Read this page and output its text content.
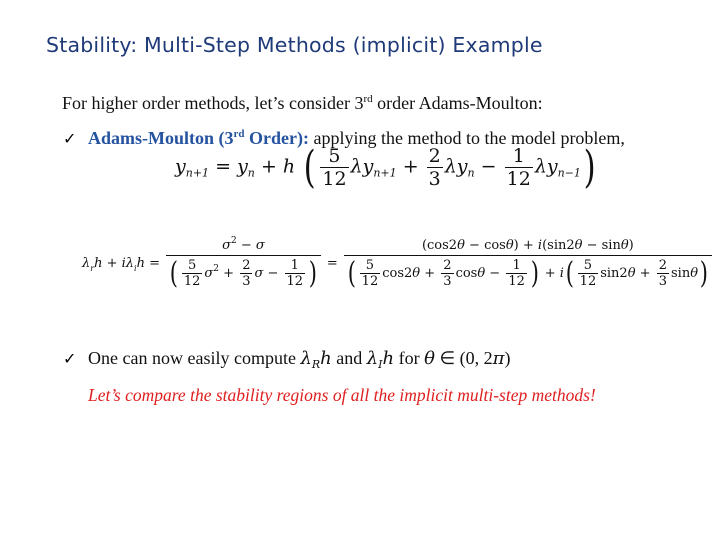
Stability: Multi-Step Methods (implicit) Example
For higher order methods, let’s consider 3rd order Adams-Moulton:
✓ Adams-Moulton (3rd Order): applying the method to the model problem,
$y_{n+1} = y_n + h$ ( $\frac{5}{12} \lambda y_{n+1} + \frac{2}{3} \lambda y_n - \frac{1}{12} \lambda y_{n-1}$)
$\lambda_rh + i\lambda_ih = \frac{\sigma^2 - \sigma}{( \frac{5}{12} \sigma^2 + \frac{2}{3} \sigma - \frac{1}{12} )} = \frac{(\cos 2\theta - \cos\theta) + i(\sin 2\theta - \sin\theta)}{( \frac{5}{12} \cos 2\theta + \frac{2}{3} \cos\theta - \frac{1}{12} ) + i( \frac{5}{12} \sin 2\theta + \frac{2}{3} \sin\theta)}$
✓ One can now easily compute $\lambda_Rh$ and $\lambda_Ih$ for θ ∈ (0, 2π)
Let’s compare the stability regions of all the implicit multi-step methods!
